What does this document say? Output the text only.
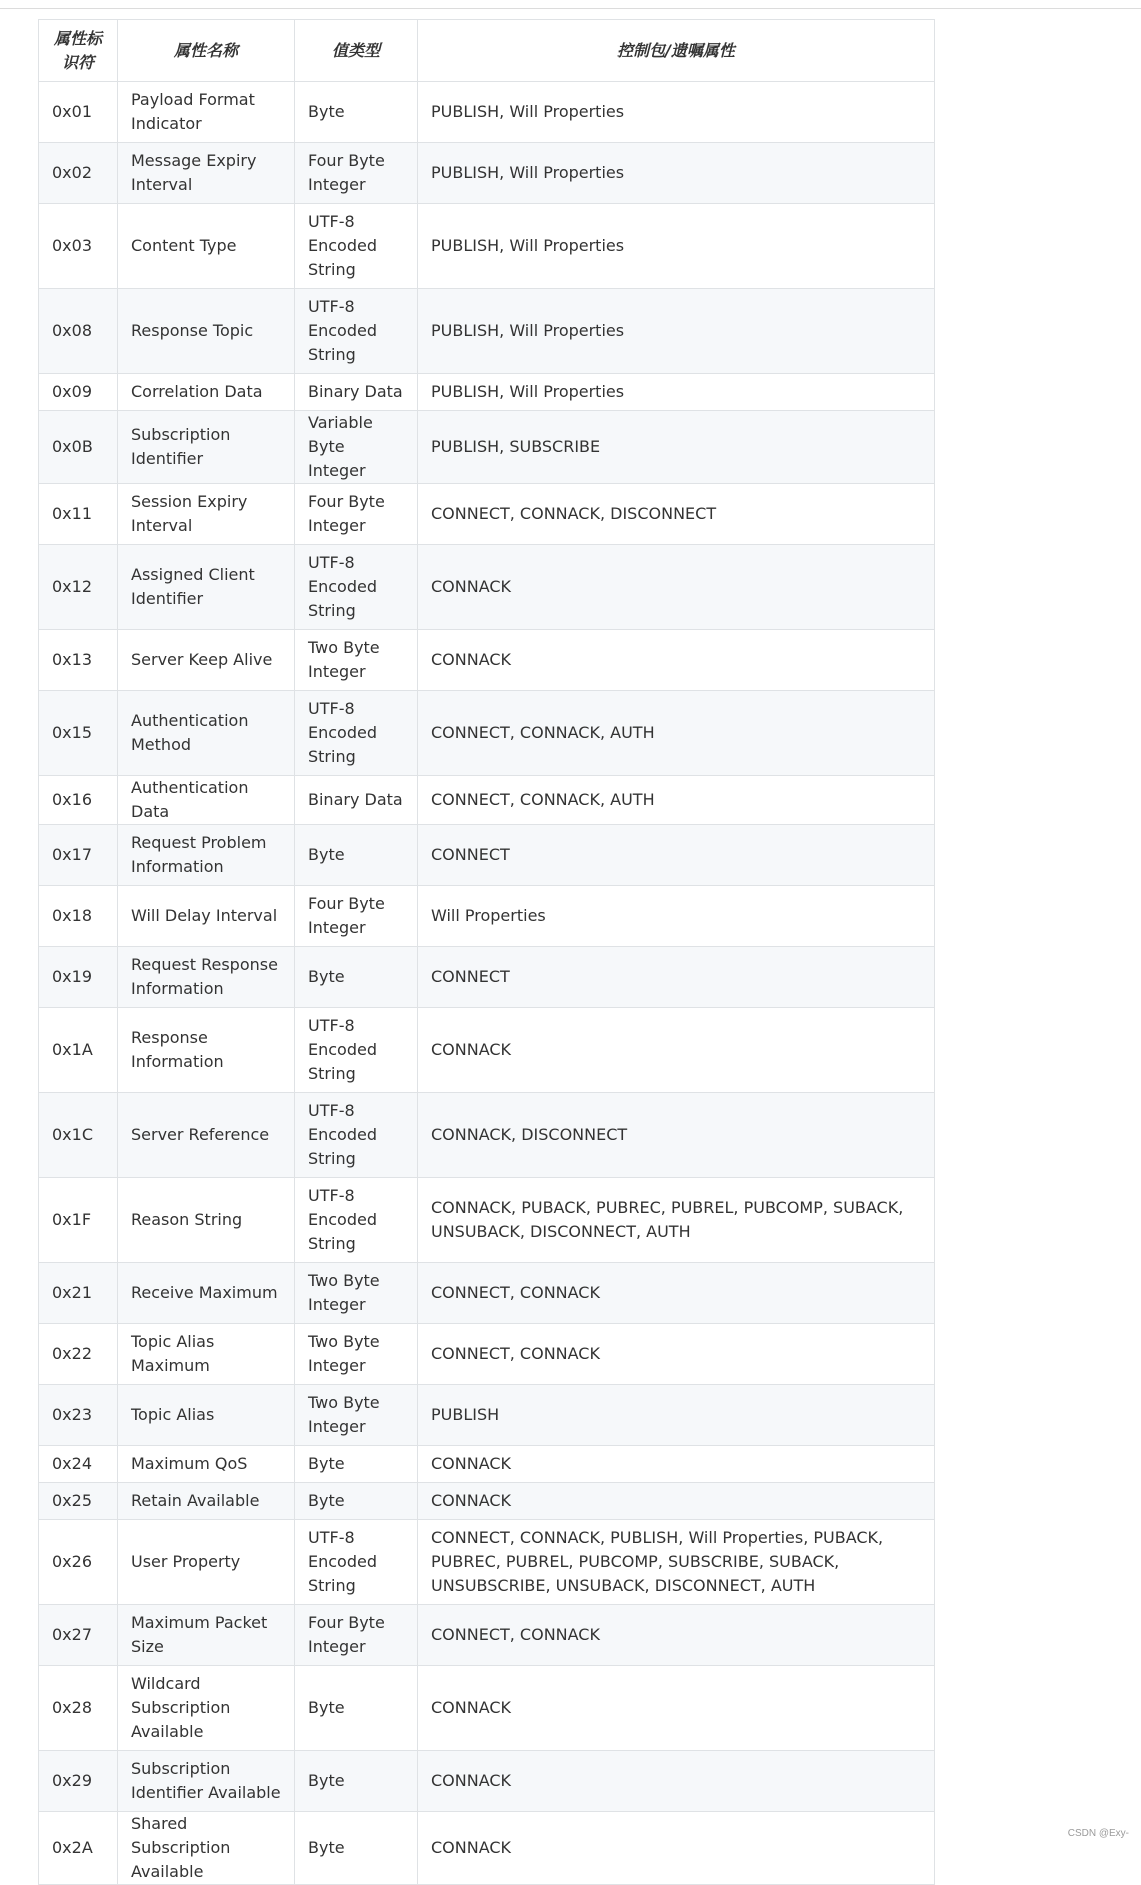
属性标识符	属性名称	值类型	控制包/遗嘱属性
0x01	Payload Format Indicator	Byte	PUBLISH, Will Properties
0x02	Message Expiry Interval	Four Byte Integer	PUBLISH, Will Properties
0x03	Content Type	UTF-8 Encoded String	PUBLISH, Will Properties
0x08	Response Topic	UTF-8 Encoded String	PUBLISH, Will Properties
0x09	Correlation Data	Binary Data	PUBLISH, Will Properties
0x0B	Subscription Identifier	Variable Byte Integer	PUBLISH, SUBSCRIBE
0x11	Session Expiry Interval	Four Byte Integer	CONNECT, CONNACK, DISCONNECT
0x12	Assigned Client Identifier	UTF-8 Encoded String	CONNACK
0x13	Server Keep Alive	Two Byte Integer	CONNACK
0x15	Authentication Method	UTF-8 Encoded String	CONNECT, CONNACK, AUTH
0x16	Authentication Data	Binary Data	CONNECT, CONNACK, AUTH
0x17	Request Problem Information	Byte	CONNECT
0x18	Will Delay Interval	Four Byte Integer	Will Properties
0x19	Request Response Information	Byte	CONNECT
0x1A	Response Information	UTF-8 Encoded String	CONNACK
0x1C	Server Reference	UTF-8 Encoded String	CONNACK, DISCONNECT
0x1F	Reason String	UTF-8 Encoded String	CONNACK, PUBACK, PUBREC, PUBREL, PUBCOMP, SUBACK, UNSUBACK, DISCONNECT, AUTH
0x21	Receive Maximum	Two Byte Integer	CONNECT, CONNACK
0x22	Topic Alias Maximum	Two Byte Integer	CONNECT, CONNACK
0x23	Topic Alias	Two Byte Integer	PUBLISH
0x24	Maximum QoS	Byte	CONNACK
0x25	Retain Available	Byte	CONNACK
0x26	User Property	UTF-8 Encoded String	CONNECT, CONNACK, PUBLISH, Will Properties, PUBACK, PUBREC, PUBREL, PUBCOMP, SUBSCRIBE, SUBACK, UNSUBSCRIBE, UNSUBACK, DISCONNECT, AUTH
0x27	Maximum Packet Size	Four Byte Integer	CONNECT, CONNACK
0x28	Wildcard Subscription Available	Byte	CONNACK
0x29	Subscription Identifier Available	Byte	CONNACK
0x2A	Shared Subscription Available	Byte	CONNACK
CSDN @Exy-
